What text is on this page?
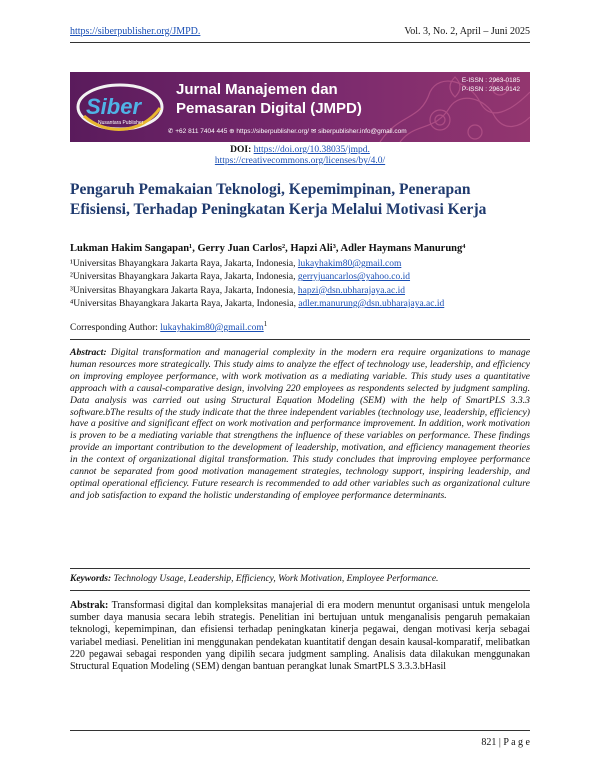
https://siberpublisher.org/JMPD.	Vol. 3, No. 2, April – Juni 2025
Siber
Nusantara Publisher
Jurnal Manajemen dan
Pemasaran Digital (JMPD)
✆ +62 811 7404 445 ⊕ https://siberpublisher.org/ ✉ siberpublisher.info@gmail.com
E-ISSN : 2963-0185
P-ISSN : 2963-0142
DOI: https://doi.org/10.38035/jmpd.
https://creativecommons.org/licenses/by/4.0/
Pengaruh Pemakaian Teknologi, Kepemimpinan, Penerapan
Efisiensi, Terhadap Peningkatan Kerja Melalui Motivasi Kerja
Lukman Hakim Sangapan¹, Gerry Juan Carlos², Hapzi Ali³, Adler Haymans Manurung⁴
¹Universitas Bhayangkara Jakarta Raya, Jakarta, Indonesia, lukayhakim80@gmail.com
²Universitas Bhayangkara Jakarta Raya, Jakarta, Indonesia, gerryjuancarlos@yahoo.co.id
³Universitas Bhayangkara Jakarta Raya, Jakarta, Indonesia, hapzi@dsn.ubharajaya.ac.id
⁴Universitas Bhayangkara Jakarta Raya, Jakarta, Indonesia, adler.manurung@dsn.ubharajaya.ac.id
Corresponding Author: lukayhakim80@gmail.com$^1$
Abstract: Digital transformation and managerial complexity in the modern era require organizations to manage human resources more strategically. This study aims to analyze the effect of technology use, leadership, and efficiency on improving employee performance, with work motivation as a mediating variable. This study uses a quantitative approach with a causal-comparative design, involving 220 employees as respondents selected by judgment sampling. Data analysis was carried out using Structural Equation Modeling (SEM) with the help of SmartPLS 3.3.3 software.bThe results of the study indicate that the three independent variables (technology use, leadership, efficiency) have a positive and significant effect on work motivation and performance improvement. In addition, work motivation is proven to be a mediating variable that strengthens the influence of these variables on performance. These findings provide an important contribution to the development of leadership, motivation, and efficiency management theories in the context of organizational digital transformation. This study concludes that improving employee performance cannot be separated from good motivation management strategies, technology support, inspiring leadership, and optimal operational efficiency. Future research is recommended to add other variables such as organizational culture and job satisfaction to expand the holistic understanding of employee performance determinants.
Keywords: Technology Usage, Leadership, Efficiency, Work Motivation, Employee Performance.
Abstrak: Transformasi digital dan kompleksitas manajerial di era modern menuntut organisasi untuk mengelola sumber daya manusia secara lebih strategis. Penelitian ini bertujuan untuk menganalisis pengaruh pemakaian teknologi, kepemimpinan, dan efisiensi terhadap peningkatan kinerja pegawai, dengan motivasi kerja sebagai variabel mediasi. Penelitian ini menggunakan pendekatan kuantitatif dengan desain kausal-komparatif, melibatkan 220 pegawai sebagai responden yang dipilih secara judgment sampling. Analisis data dilakukan menggunakan Structural Equation Modeling (SEM) dengan bantuan perangkat lunak SmartPLS 3.3.3.bHasil
821 | P a g e
